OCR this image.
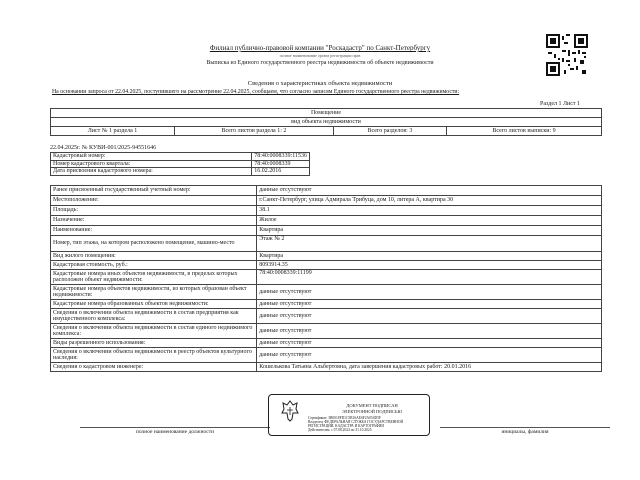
Филиал публично-правовой компании "Роскадастр" по Санкт-Петербургу
полное наименование органа регистрации прав
Выписка из Единого государственного реестра недвижимости об объекте недвижимости
Сведения о характеристиках объекта недвижимости
На основании запроса от 22.04.2025, поступившего на рассмотрение 22.04.2025, сообщаем, что согласно записям Единого государственного реестра недвижимости:
Раздел 1 Лист 1
Помещение
вид объекта недвижимости
Лист № 1 раздела 1	Всего листов раздела 1: 2	Всего разделов: 3	Всего листов выписки: 9
22.04.2025г. № КУВИ-001/2025-94551646
Кадастровый номер:	78:40:0008339:11536
Номер кадастрового квартала:	78:40:0008339
Дата присвоения кадастрового номера:	16.02.2016
Ранее присвоенный государственный учетный номер:	данные отсутствуют
Местоположение:	г.Санкт-Петербург, улица Адмирала Трибуца, дом 10, литера А, квартира 30
Площадь:	38.1
Назначение:	Жилое
Наименование:	Квартира
Номер, тип этажа, на котором расположено помещение, машино-место	Этаж № 2
Вид жилого помещения:	Квартира
Кадастровая стоимость, руб.:	8093914.35
Кадастровые номера иных объектов недвижимости, в пределах которых расположен объект недвижимости:	78:40:0008339:11199
Кадастровые номера объектов недвижимости, из которых образован объект недвижимости:	данные отсутствуют
Кадастровые номера образованных объектов недвижимости:	данные отсутствуют
Сведения о включении объекта недвижимости в состав предприятия как имущественного комплекса:	данные отсутствуют
Сведения о включении объекта недвижимости в состав единого недвижимого комплекса:	данные отсутствуют
Виды разрешенного использования:	данные отсутствуют
Сведения о включении объекта недвижимости в реестр объектов культурного наследия:	данные отсутствуют
Сведения о кадастровом инженере:	Кошелькова Татьяна Альбертовна, дата завершения кадастровых работ: 20.01.2016
полное наименование должности	инициалы, фамилия
ДОКУМЕНТ ПОДПИСАН
ЭЛЕКТРОННОЙ ПОДПИСЬЮ
Сертификат: 3B0018FD1C5B16AE6F2A054D5F
Владелец: ФЕДЕРАЛЬНАЯ СЛУЖБА ГОСУДАРСТВЕННОЙ
РЕГИСТРАЦИИ, КАДАСТРА И КАРТОГРАФИИ
Действителен: с 07.08.2024 по 31.10.2025
